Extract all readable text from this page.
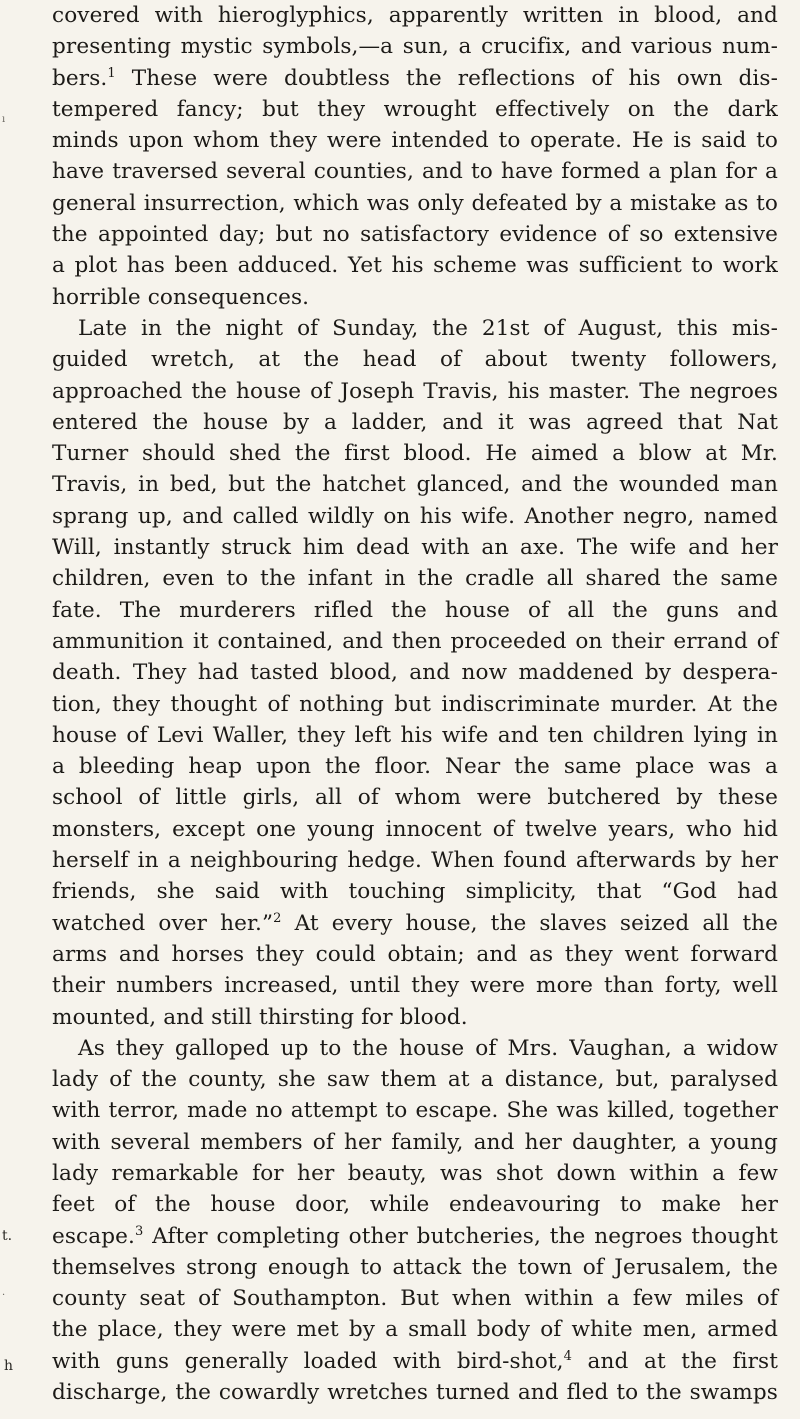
covered with hieroglyphics, apparently written in blood, and
presenting mystic symbols,—a sun, a crucifix, and various num-
bers.$^1$ These were doubtless the reflections of his own dis-
tempered fancy; but they wrought effectively on the dark
minds upon whom they were intended to operate. He is said to
have traversed several counties, and to have formed a plan for a
general insurrection, which was only defeated by a mistake as to
the appointed day; but no satisfactory evidence of so extensive
a plot has been adduced. Yet his scheme was sufficient to work
horrible consequences.
Late in the night of Sunday, the 21st of August, this mis-
guided wretch, at the head of about twenty followers,
approached the house of Joseph Travis, his master. The negroes
entered the house by a ladder, and it was agreed that Nat
Turner should shed the first blood. He aimed a blow at Mr.
Travis, in bed, but the hatchet glanced, and the wounded man
sprang up, and called wildly on his wife. Another negro, named
Will, instantly struck him dead with an axe. The wife and her
children, even to the infant in the cradle all shared the same
fate. The murderers rifled the house of all the guns and
ammunition it contained, and then proceeded on their errand of
death. They had tasted blood, and now maddened by despera-
tion, they thought of nothing but indiscriminate murder. At the
house of Levi Waller, they left his wife and ten children lying in
a bleeding heap upon the floor. Near the same place was a
school of little girls, all of whom were butchered by these
monsters, except one young innocent of twelve years, who hid
herself in a neighbouring hedge. When found afterwards by her
friends, she said with touching simplicity, that “God had
watched over her.”$^2$ At every house, the slaves seized all the
arms and horses they could obtain; and as they went forward
their numbers increased, until they were more than forty, well
mounted, and still thirsting for blood.
As they galloped up to the house of Mrs. Vaughan, a widow
lady of the county, she saw them at a distance, but, paralysed
with terror, made no attempt to escape. She was killed, together
with several members of her family, and her daughter, a young
lady remarkable for her beauty, was shot down within a few
feet of the house door, while endeavouring to make her
escape.$^3$ After completing other butcheries, the negroes thought
themselves strong enough to attack the town of Jerusalem, the
county seat of Southampton. But when within a few miles of
the place, they were met by a small body of white men, armed
with guns generally loaded with bird-shot,$^4$ and at the first
discharge, the cowardly wretches turned and fled to the swamps
t.
h
ı
·
